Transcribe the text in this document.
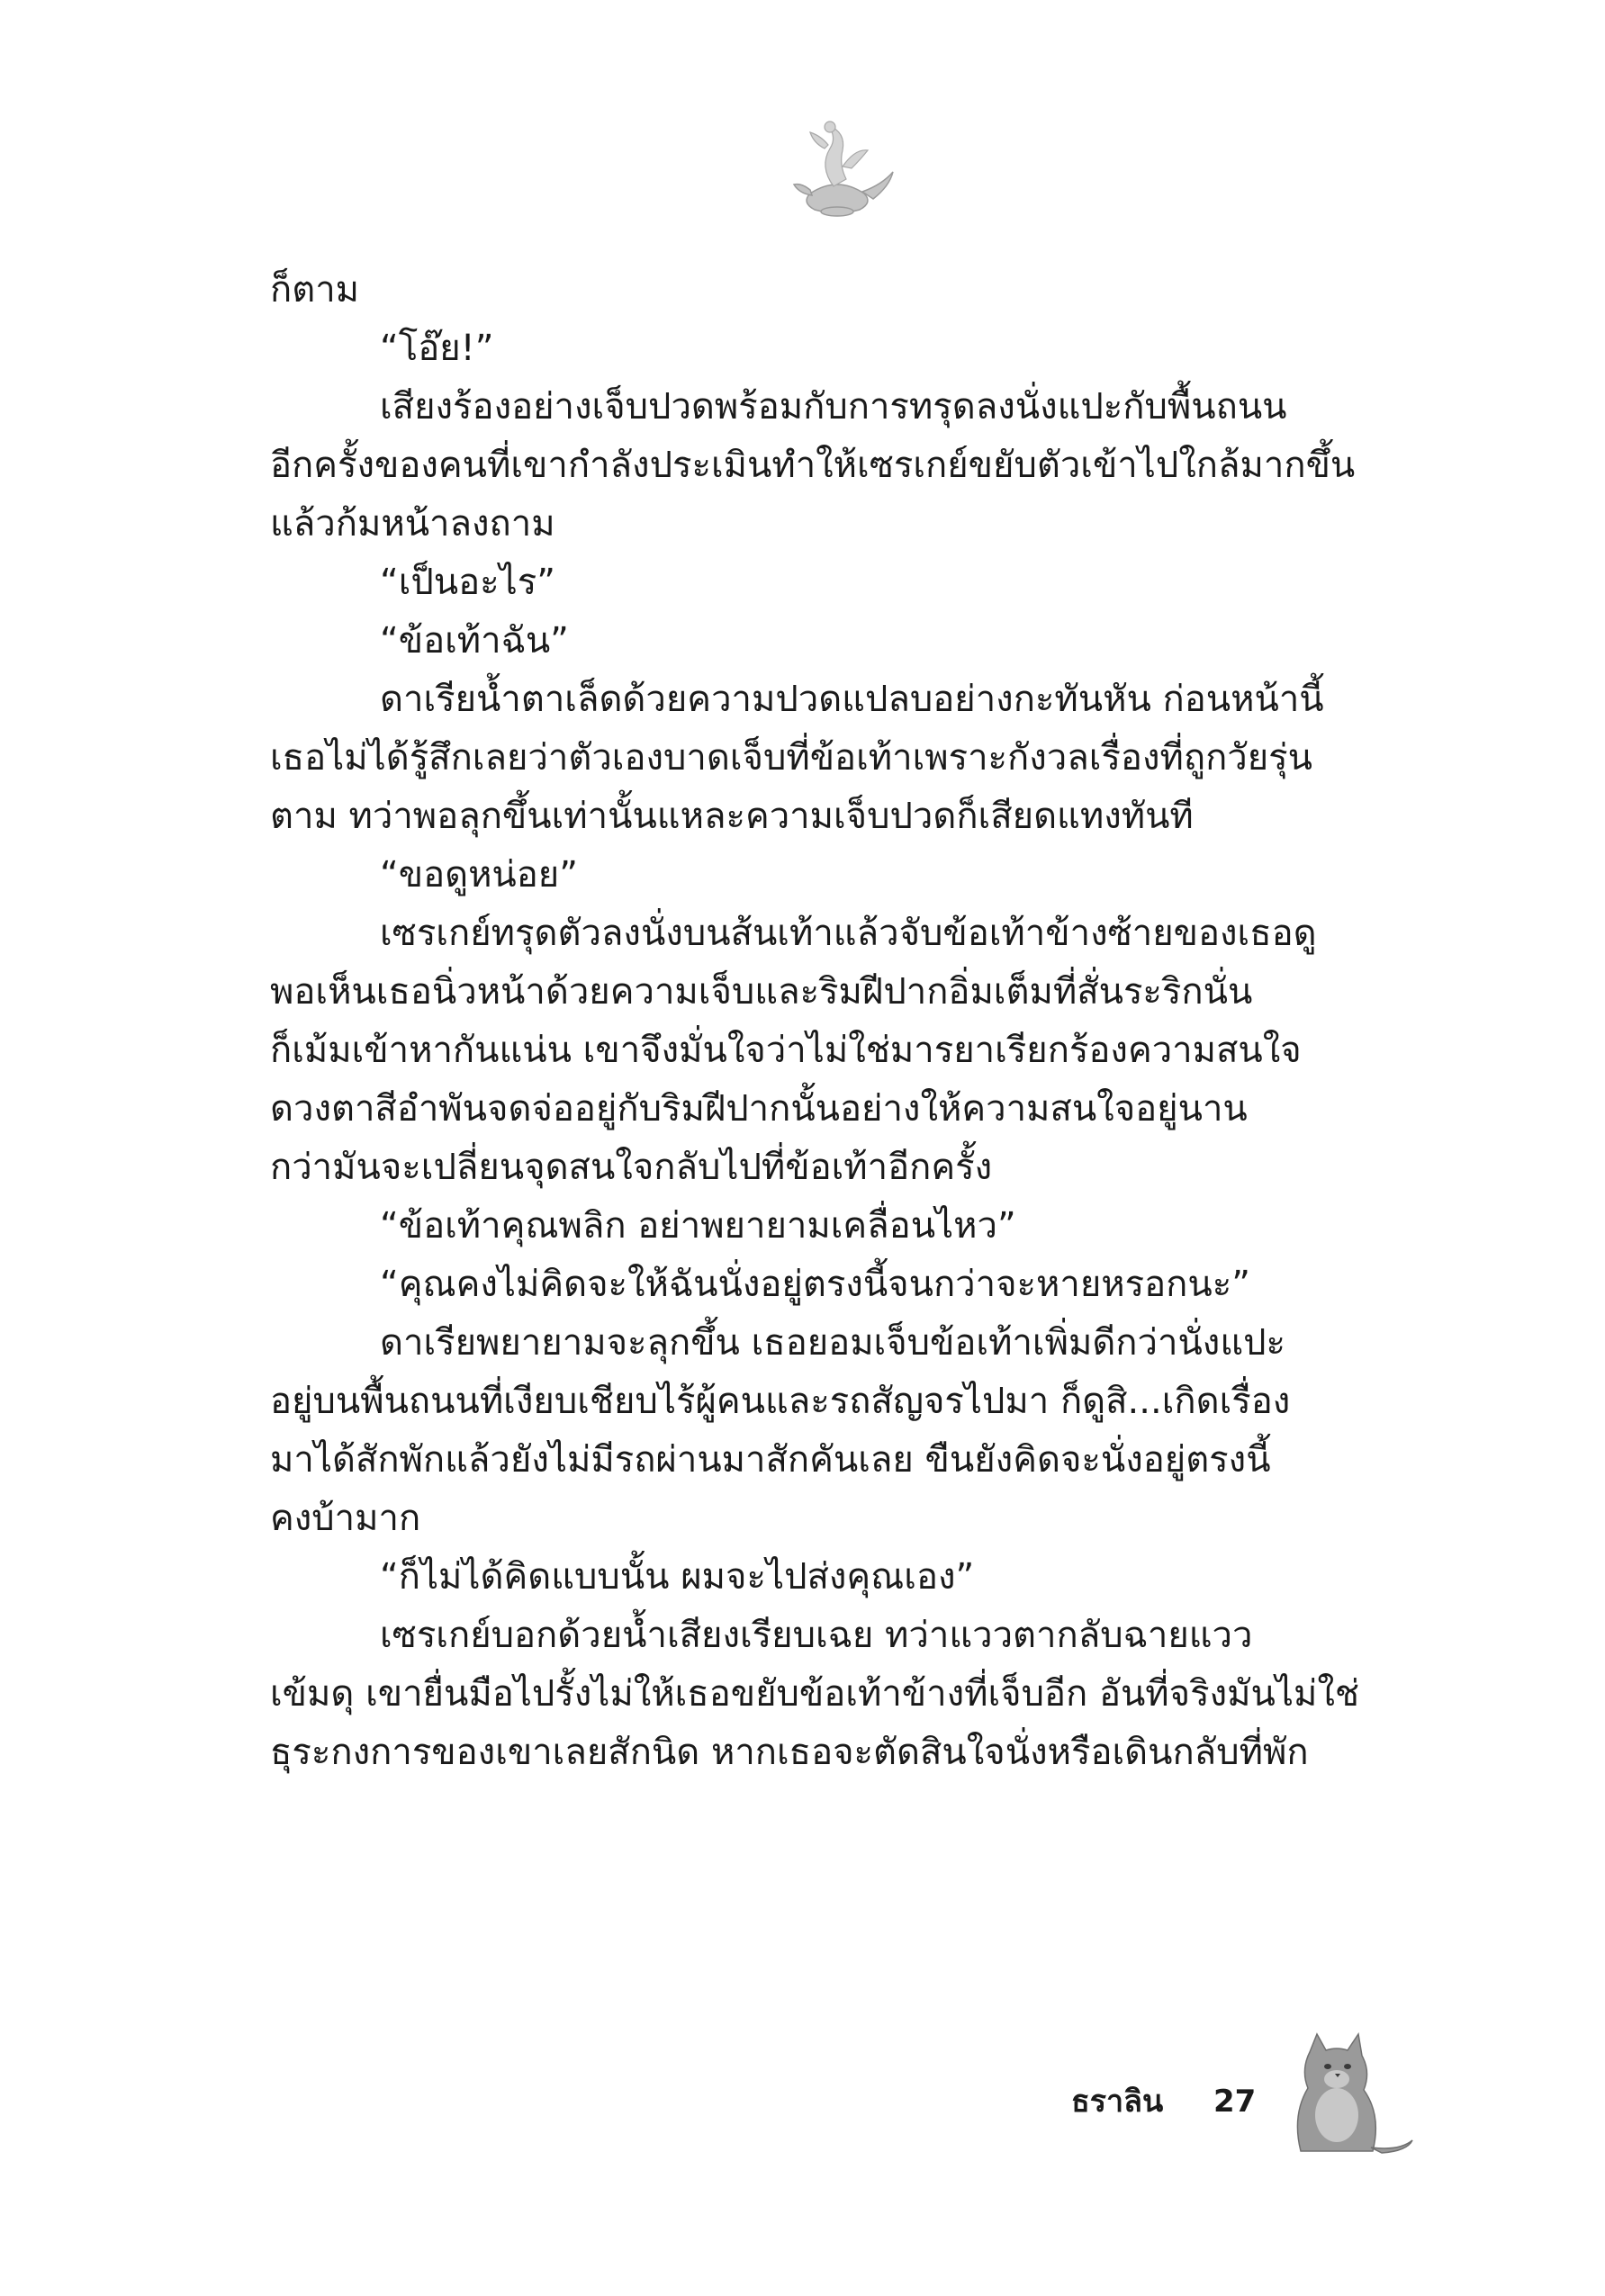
ก็ตาม
“โอ๊ย!”
เสียงร้องอย่างเจ็บปวดพร้อมกับการทรุดลงนั่งแปะกับพื้นถนน
อีกครั้งของคนที่เขากำลังประเมินทำให้เซรเกย์ขยับตัวเข้าไปใกล้มากขึ้น
แล้วก้มหน้าลงถาม
“เป็นอะไร”
“ข้อเท้าฉัน”
ดาเรียน้ำตาเล็ดด้วยความปวดแปลบอย่างกะทันหัน ก่อนหน้านี้
เธอไม่ได้รู้สึกเลยว่าตัวเองบาดเจ็บที่ข้อเท้าเพราะกังวลเรื่องที่ถูกวัยรุ่น
ตาม ทว่าพอลุกขึ้นเท่านั้นแหละความเจ็บปวดก็เสียดแทงทันที
“ขอดูหน่อย”
เซรเกย์ทรุดตัวลงนั่งบนส้นเท้าแล้วจับข้อเท้าข้างซ้ายของเธอดู
พอเห็นเธอนิ่วหน้าด้วยความเจ็บและริมฝีปากอิ่มเต็มที่สั่นระริกนั่น
ก็เม้มเข้าหากันแน่น เขาจึงมั่นใจว่าไม่ใช่มารยาเรียกร้องความสนใจ
ดวงตาสีอำพันจดจ่ออยู่กับริมฝีปากนั้นอย่างให้ความสนใจอยู่นาน
กว่ามันจะเปลี่ยนจุดสนใจกลับไปที่ข้อเท้าอีกครั้ง
“ข้อเท้าคุณพลิก อย่าพยายามเคลื่อนไหว”
“คุณคงไม่คิดจะให้ฉันนั่งอยู่ตรงนี้จนกว่าจะหายหรอกนะ”
ดาเรียพยายามจะลุกขึ้น เธอยอมเจ็บข้อเท้าเพิ่มดีกว่านั่งแปะ
อยู่บนพื้นถนนที่เงียบเชียบไร้ผู้คนและรถสัญจรไปมา ก็ดูสิ...เกิดเรื่อง
มาได้สักพักแล้วยังไม่มีรถผ่านมาสักคันเลย ขืนยังคิดจะนั่งอยู่ตรงนี้
คงบ้ามาก
“ก็ไม่ได้คิดแบบนั้น ผมจะไปส่งคุณเอง”
เซรเกย์บอกด้วยน้ำเสียงเรียบเฉย ทว่าแววตากลับฉายแวว
เข้มดุ เขายื่นมือไปรั้งไม่ให้เธอขยับข้อเท้าข้างที่เจ็บอีก อันที่จริงมันไม่ใช่
ธุระกงการของเขาเลยสักนิด หากเธอจะตัดสินใจนั่งหรือเดินกลับที่พัก
ธราลิน	27
